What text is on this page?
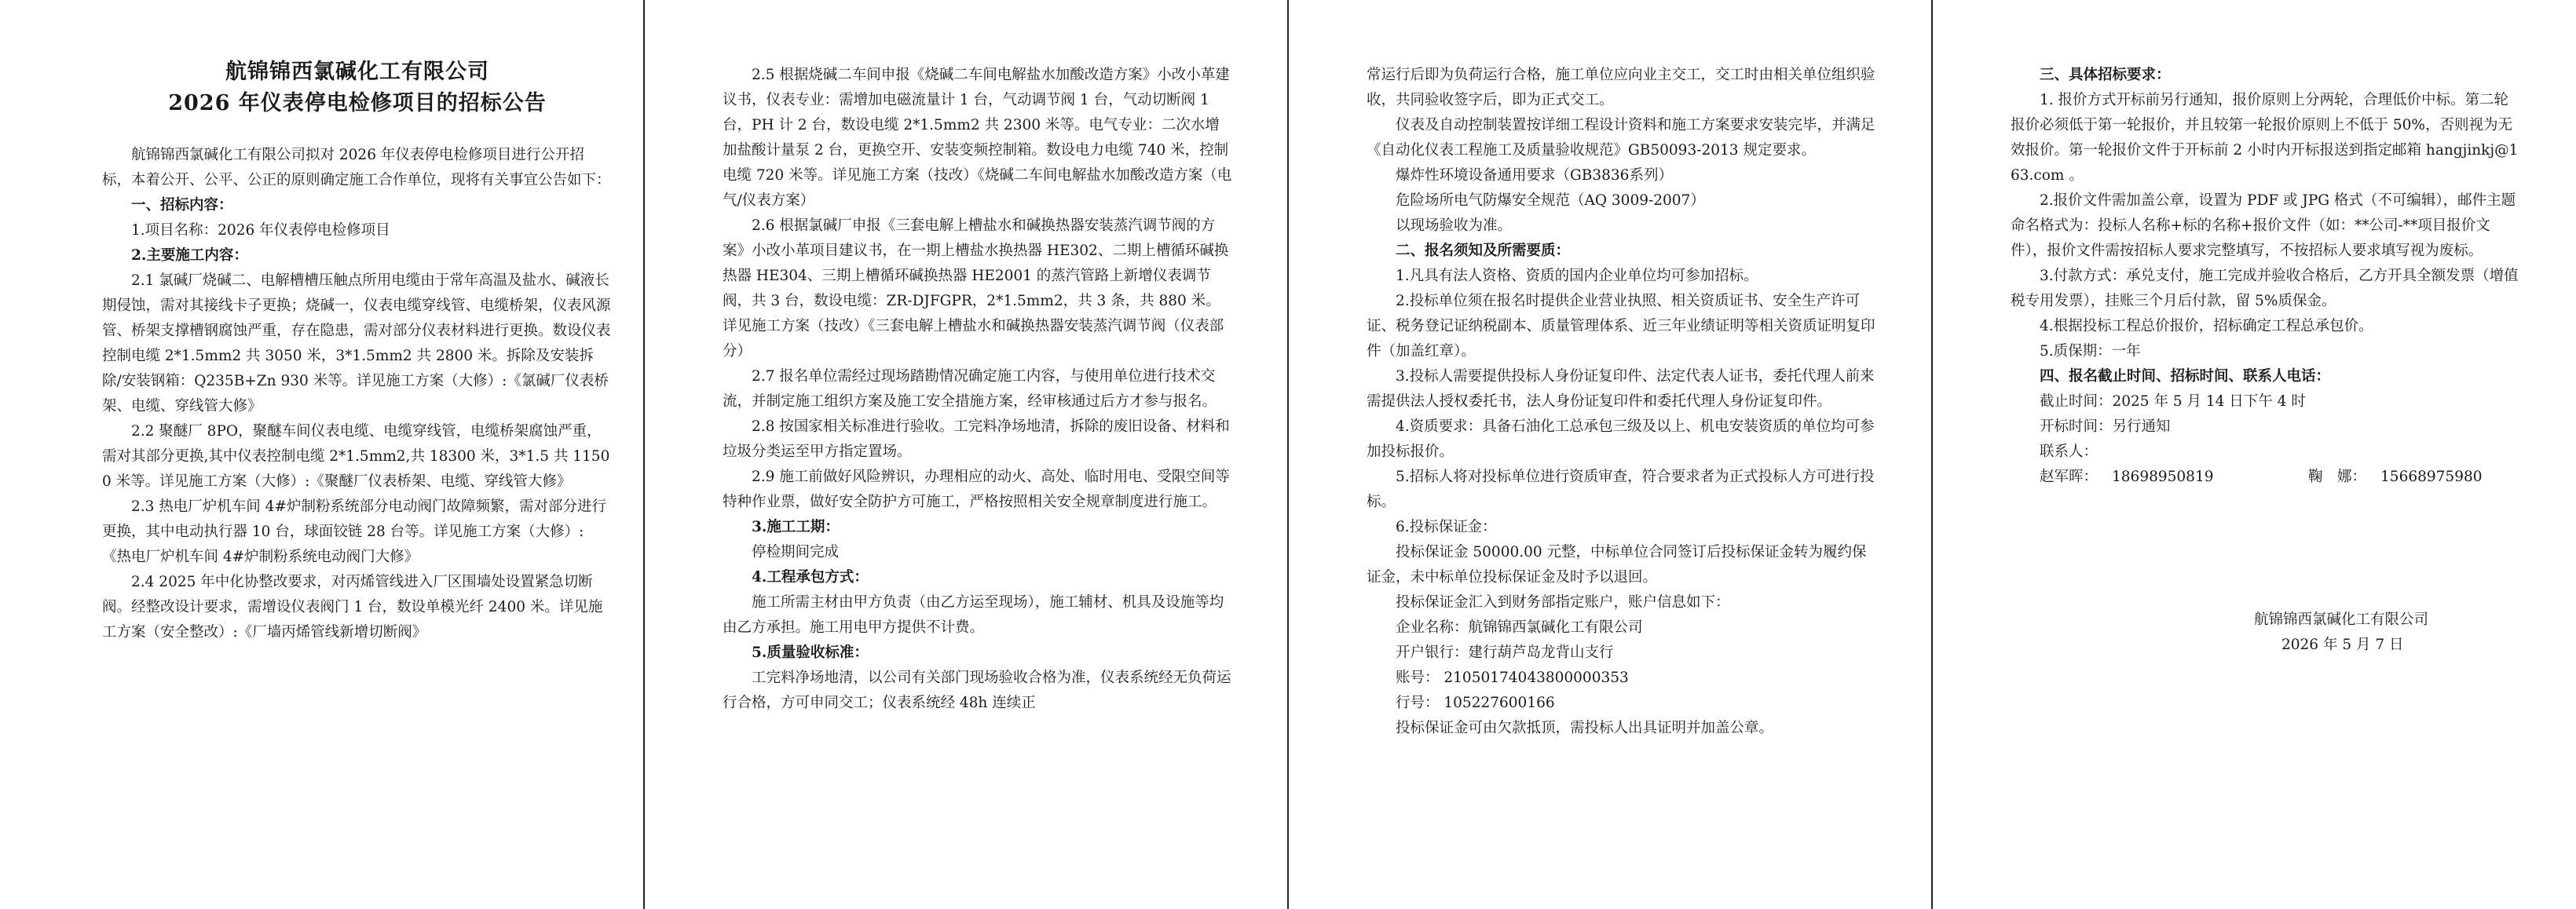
航锦锦西氯碱化工有限公司
2026 年仪表停电检修项目的招标公告
航锦锦西氯碱化工有限公司拟对 2026 年仪表停电检修项目进行公开招标，本着公开、公平、公正的原则确定施工合作单位，现将有关事宜公告如下：
一、招标内容：
1.项目名称：2026 年仪表停电检修项目
2.主要施工内容：
2.1 氯碱厂烧碱二、电解槽槽压触点所用电缆由于常年高温及盐水、碱液长期侵蚀，需对其接线卡子更换；烧碱一，仪表电缆穿线管、电缆桥架，仪表风源管、桥架支撑槽钢腐蚀严重，存在隐患，需对部分仪表材料进行更换。数设仪表控制电缆 2*1.5mm2 共 3050 米，3*1.5mm2 共 2800 米。拆除及安装拆除/安装钢箱：Q235B+Zn 930 米等。详见施工方案（大修）:《氯碱厂仪表桥架、电缆、穿线管大修》
2.2 聚醚厂 8PO，聚醚车间仪表电缆、电缆穿线管，电缆桥架腐蚀严重，需对其部分更换,其中仪表控制电缆 2*1.5mm2,共 18300 米，3*1.5 共 11500 米等。详见施工方案（大修）:《聚醚厂仪表桥架、电缆、穿线管大修》
2.3 热电厂炉机车间 4#炉制粉系统部分电动阀门故障频繁，需对部分进行更换，其中电动执行器 10 台，球面铰链 28 台等。详见施工方案（大修）:《热电厂炉机车间 4#炉制粉系统电动阀门大修》
2.4 2025 年中化协整改要求，对丙烯管线进入厂区围墙处设置紧急切断阀。经整改设计要求，需增设仪表阀门 1 台，数设单模光纤 2400 米。详见施工方案（安全整改）:《厂墙丙烯管线新增切断阀》
2.5 根据烧碱二车间申报《烧碱二车间电解盐水加酸改造方案》小改小革建议书，仪表专业：需增加电磁流量计 1 台，气动调节阀 1 台，气动切断阀 1 台，PH 计 2 台，数设电缆 2*1.5mm2 共 2300 米等。电气专业：二次水增加盐酸计量泵 2 台，更换空开、安装变频控制箱。数设电力电缆 740 米，控制电缆 720 米等。详见施工方案（技改）《烧碱二车间电解盐水加酸改造方案（电气/仪表方案）
2.6 根据氯碱厂申报《三套电解上槽盐水和碱换热器安装蒸汽调节阀的方案》小改小革项目建议书，在一期上槽盐水换热器 HE302、二期上槽循环碱换热器 HE304、三期上槽循环碱换热器 HE2001 的蒸汽管路上新增仪表调节阀，共 3 台，数设电缆：ZR-DJFGPR，2*1.5mm2，共 3 条，共 880 米。详见施工方案（技改）《三套电解上槽盐水和碱换热器安装蒸汽调节阀（仪表部分）
2.7 报名单位需经过现场踏勘情况确定施工内容，与使用单位进行技术交流，并制定施工组织方案及施工安全措施方案，经审核通过后方才参与报名。
2.8 按国家相关标准进行验收。工完料净场地清，拆除的废旧设备、材料和垃圾分类运至甲方指定置场。
2.9 施工前做好风险辨识，办理相应的动火、高处、临时用电、受限空间等特种作业票，做好安全防护方可施工，严格按照相关安全规章制度进行施工。
3.施工工期：
停检期间完成
4.工程承包方式：
施工所需主材由甲方负责（由乙方运至现场），施工辅材、机具及设施等均由乙方承担。施工用电甲方提供不计费。
5.质量验收标准：
工完料净场地清，以公司有关部门现场验收合格为准，仪表系统经无负荷运行合格，方可申同交工；仪表系统经 48h 连续正
常运行后即为负荷运行合格，施工单位应向业主交工，交工时由相关单位组织验收，共同验收签字后，即为正式交工。
仪表及自动控制装置按详细工程设计资料和施工方案要求安装完毕，并满足《自动化仪表工程施工及质量验收规范》GB50093-2013 规定要求。
爆炸性环境设备通用要求（GB3836系列）
危险场所电气防爆安全规范（AQ 3009-2007）
以现场验收为准。
二、报名须知及所需要质：
1.凡具有法人资格、资质的国内企业单位均可参加招标。
2.投标单位须在报名时提供企业营业执照、相关资质证书、安全生产许可证、税务登记证纳税副本、质量管理体系、近三年业绩证明等相关资质证明复印件（加盖红章）。
3.投标人需要提供投标人身份证复印件、法定代表人证书，委托代理人前来需提供法人授权委托书，法人身份证复印件和委托代理人身份证复印件。
4.资质要求：具备石油化工总承包三级及以上、机电安装资质的单位均可参加投标报价。
5.招标人将对投标单位进行资质审查，符合要求者为正式投标人方可进行投标。
6.投标保证金：
投标保证金 50000.00 元整，中标单位合同签订后投标保证金转为履约保证金，未中标单位投标保证金及时予以退回。
投标保证金汇入到财务部指定账户，账户信息如下：
企业名称：航锦锦西氯碱化工有限公司
开户银行：建行葫芦岛龙背山支行
账号： 21050174043800000353
行号： 105227600166
投标保证金可由欠款抵顶，需投标人出具证明并加盖公章。
三、具体招标要求：
1. 报价方式开标前另行通知，报价原则上分两轮，合理低价中标。第二轮报价必须低于第一轮报价，并且较第一轮报价原则上不低于 50%，否则视为无效报价。第一轮报价文件于开标前 2 小时内开标报送到指定邮箱 hangjinkj@163.com 。
2.报价文件需加盖公章，设置为 PDF 或 JPG 格式（不可编辑），邮件主题命名格式为：投标人名称+标的名称+报价文件（如：**公司-**项目报价文件），报价文件需按招标人要求完整填写，不按招标人要求填写视为废标。
3.付款方式：承兑支付，施工完成并验收合格后，乙方开具全额发票（增值税专用发票），挂账三个月后付款，留 5%质保金。
4.根据投标工程总价报价，招标确定工程总承包价。
5.质保期：一年
四、报名截止时间、招标时间、联系人电话：
截止时间：2025 年 5 月 14 日下午 4 时
开标时间：另行通知
联系人：
赵军晖： 18698950819	鞠　娜： 15668975980
航锦锦西氯碱化工有限公司
2026 年 5 月 7 日
